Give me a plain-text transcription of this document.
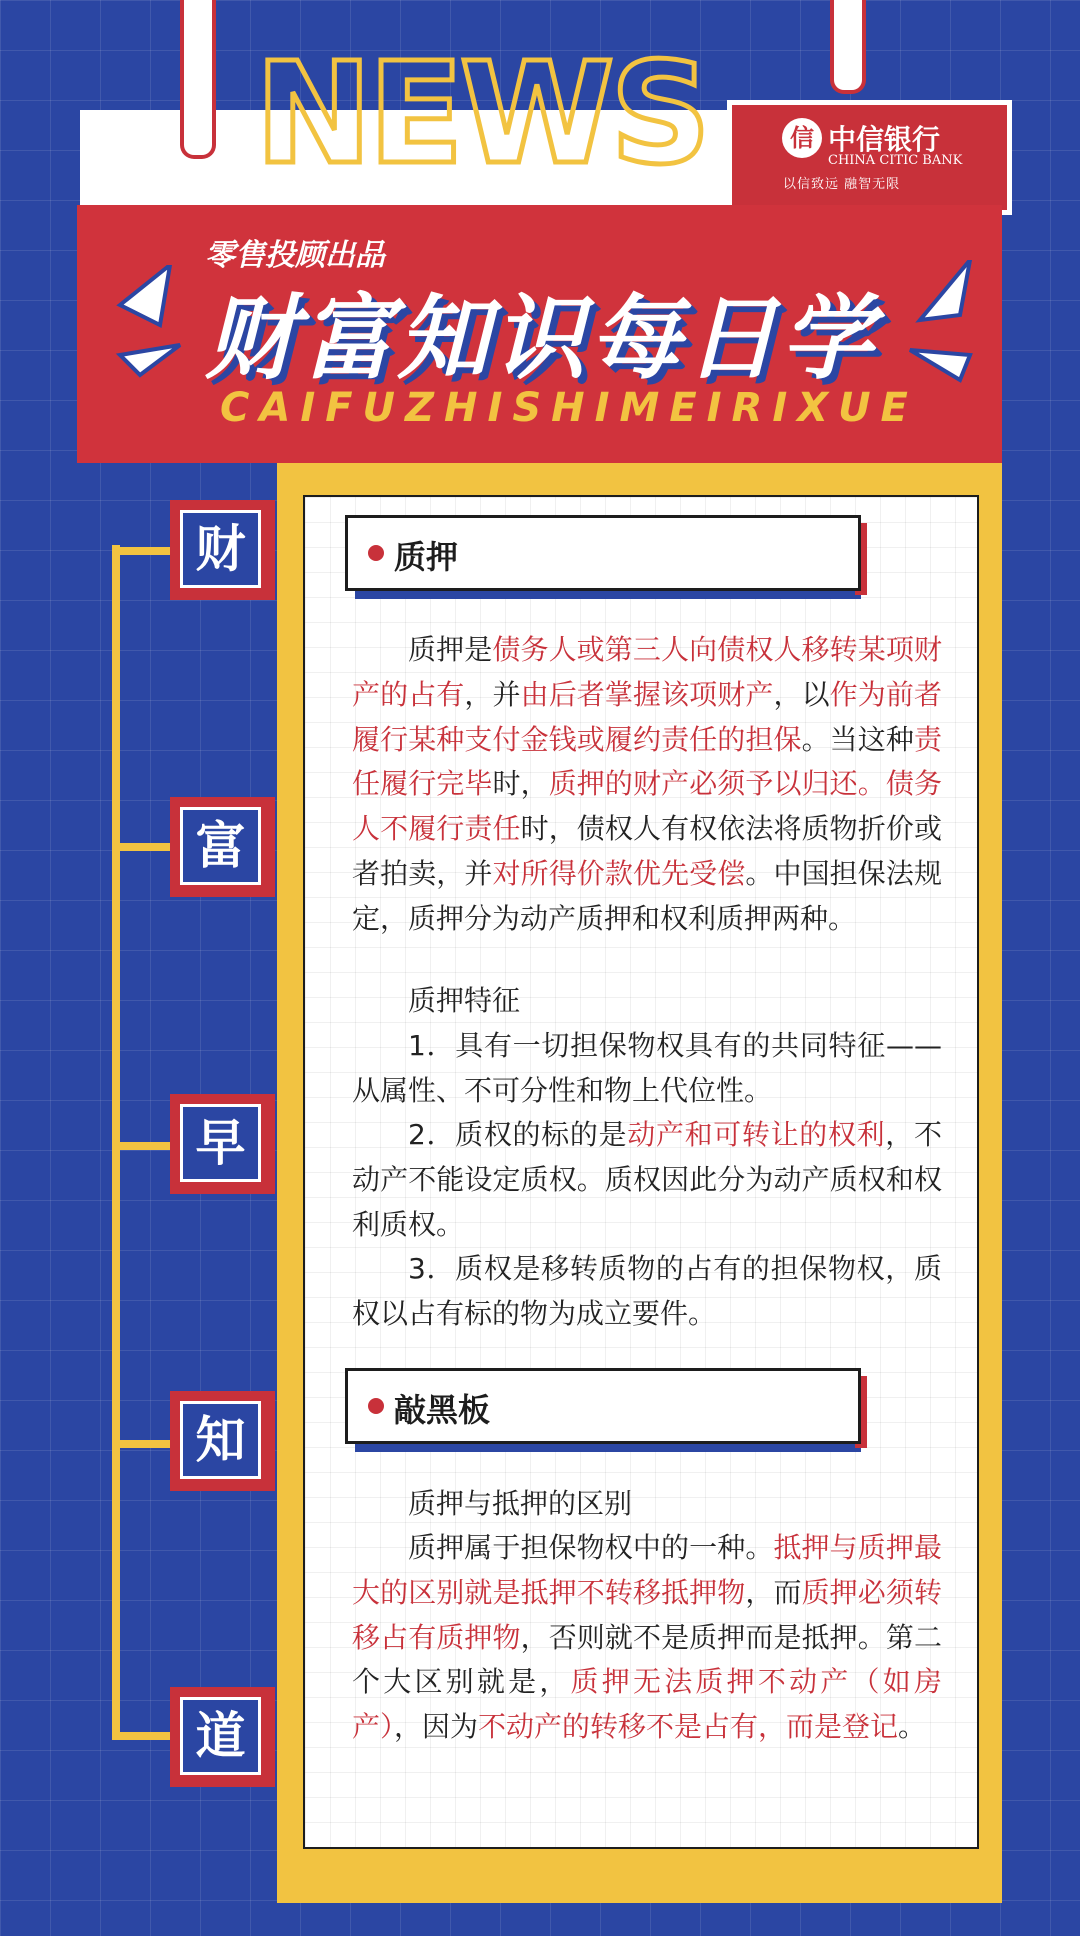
NEWS	信 中信银行
CHINA CITIC BANK
以信致远 融智无限
零售投顾出品
财富知识每日学
CAIFUZHISHIMEIRIXUE
财
富
早
知
道
质押

质押是债务人或第三人向债权人移转某项财产的占有，并由后者掌握该项财产，以作为前者履行某种支付金钱或履约责任的担保。当这种责任履行完毕时，质押的财产必须予以归还。债务人不履行责任时，债权人有权依法将质物折价或者拍卖，并对所得价款优先受偿。中国担保法规定，质押分为动产质押和权利质押两种。

质押特征

1．具有一切担保物权具有的共同特征——从属性、不可分性和物上代位性。

2．质权的标的是动产和可转让的权利，不动产不能设定质权。质权因此分为动产质权和权利质权。

3．质权是移转质物的占有的担保物权，质权以占有标的物为成立要件。

敲黑板

质押与抵押的区别

质押属于担保物权中的一种。抵押与质押最大的区别就是抵押不转移抵押物，而质押必须转移占有质押物，否则就不是质押而是抵押。第二个大区别就是，质押无法质押不动产（如房产），因为不动产的转移不是占有，而是登记。
